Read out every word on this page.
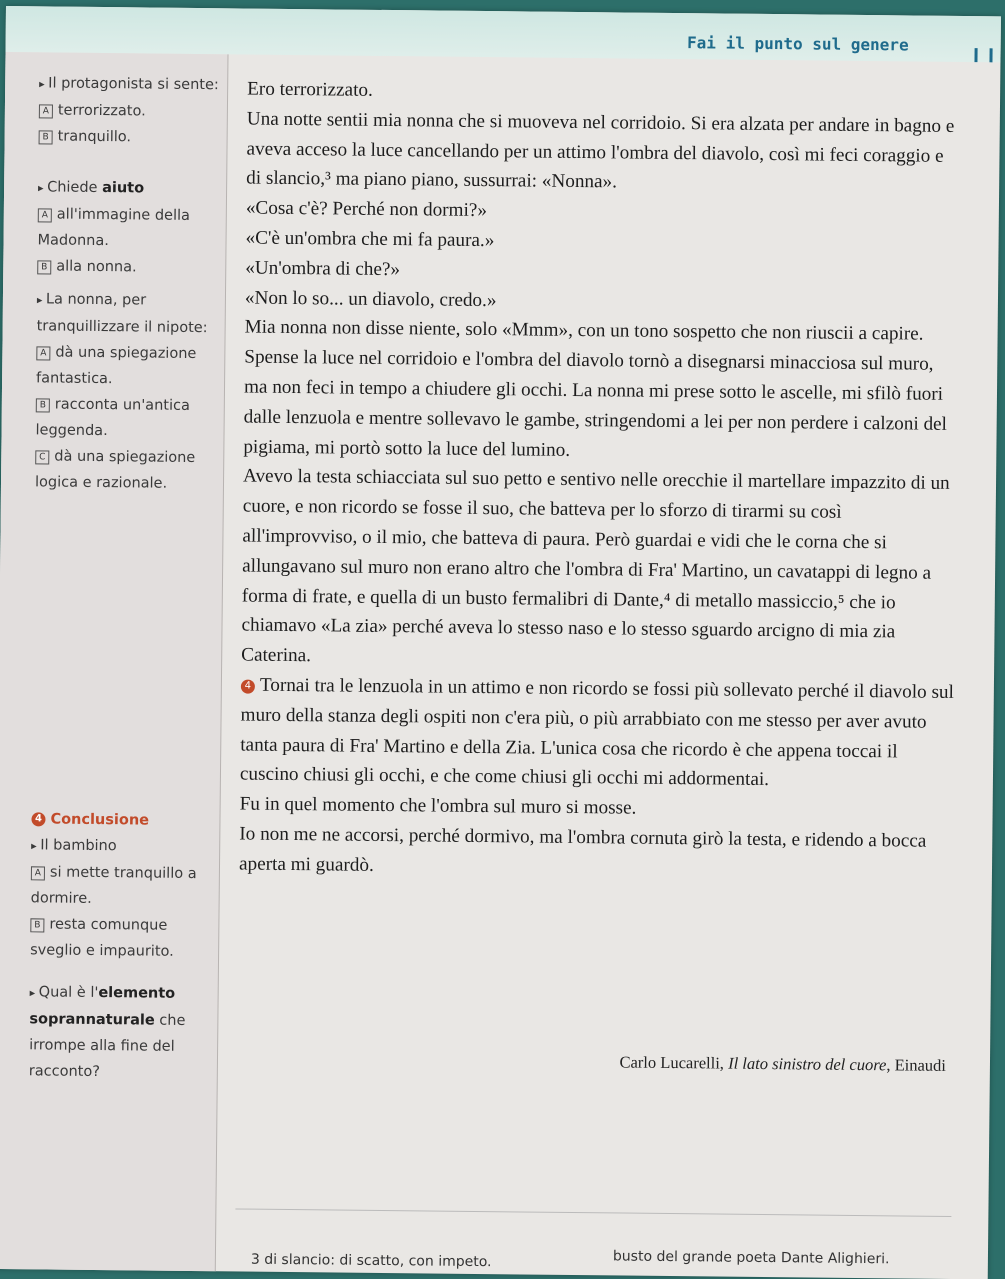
Fai il punto sul genere

▸ Il protagonista si sente:

A terrorizzato.

B tranquillo.

▸ Chiede aiuto

A all'immagine della Madonna.

B alla nonna.

▸ La nonna, per tranquillizzare il nipote:

A dà una spiegazione fantastica.

B racconta un'antica leggenda.

C dà una spiegazione logica e razionale.

4 Conclusione

▸ Il bambino

A si mette tranquillo a dormire.

B resta comunque sveglio e impaurito.

▸ Qual è l'elemento soprannaturale che irrompe alla fine del racconto?

Ero terrorizzato.

Una notte sentii mia nonna che si muoveva nel corridoio. Si era alzata per andare in bagno e aveva acceso la luce cancellando per un attimo l'ombra del diavolo, così mi feci coraggio e di slancio,³ ma piano piano, sussurrai: «Nonna».

«Cosa c'è? Perché non dormi?»

«C'è un'ombra che mi fa paura.»

«Un'ombra di che?»

«Non lo so... un diavolo, credo.»

Mia nonna non disse niente, solo «Mmm», con un tono sospetto che non riuscii a capire.

Spense la luce nel corridoio e l'ombra del diavolo tornò a disegnarsi minacciosa sul muro, ma non feci in tempo a chiudere gli occhi. La nonna mi prese sotto le ascelle, mi sfilò fuori dalle lenzuola e mentre sollevavo le gambe, stringendomi a lei per non perdere i calzoni del pigiama, mi portò sotto la luce del lumino.

Avevo la testa schiacciata sul suo petto e sentivo nelle orecchie il martellare impazzito di un cuore, e non ricordo se fosse il suo, che batteva per lo sforzo di tirarmi su così all'improvviso, o il mio, che batteva di paura. Però guardai e vidi che le corna che si allungavano sul muro non erano altro che l'ombra di Fra' Martino, un cavatappi di legno a forma di frate, e quella di un busto fermalibri di Dante,⁴ di metallo massiccio,⁵ che io chiamavo «La zia» perché aveva lo stesso naso e lo stesso sguardo arcigno di mia zia Caterina.

4 Tornai tra le lenzuola in un attimo e non ricordo se fossi più sollevato perché il diavolo sul muro della stanza degli ospiti non c'era più, o più arrabbiato con me stesso per aver avuto tanta paura di Fra' Martino e della Zia. L'unica cosa che ricordo è che appena toccai il cuscino chiusi gli occhi, e che come chiusi gli occhi mi addormentai.

Fu in quel momento che l'ombra sul muro si mosse.

Io non me ne accorsi, perché dormivo, ma l'ombra cornuta girò la testa, e ridendo a bocca aperta mi guardò.

Carlo Lucarelli, Il lato sinistro del cuore, Einaudi
3 di slancio: di scatto, con impeto.	busto del grande poeta Dante Alighieri.
